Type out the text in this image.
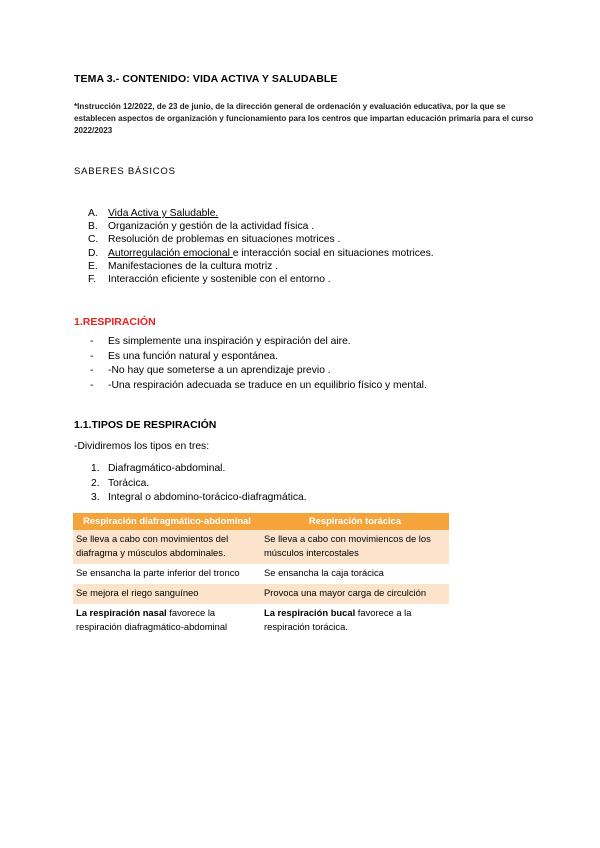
TEMA 3.- CONTENIDO: VIDA ACTIVA Y SALUDABLE
*Instrucción 12/2022, de 23 de junio, de la dirección general de ordenación y evaluación educativa, por la que se establecen aspectos de organización y funcionamiento para los centros que impartan educación primaria para el curso 2022/2023
SABERES BÁSICOS
A. Vida Activa y Saludable.
B. Organización y gestión de la actividad física .
C. Resolución de problemas en situaciones motrices .
D. Autorregulación emocional e interacción social en situaciones motrices.
E. Manifestaciones de la cultura motriz .
F.	Interacción eficiente y sostenible con el entorno .
1.RESPIRACIÓN
-	Es simplemente una inspiración y espiración del aire.
-	Es una función natural y espontánea.
-	-No hay que someterse a un aprendizaje previo .
-	-Una respiración adecuada se traduce en un equilibrio físico y mental.
1.1.TIPOS DE RESPIRACIÓN
-Dividiremos los tipos en tres:
1. Diafragmático-abdominal.
2. Torácica.
3. Integral o abdomino-torácico-diafragmática.
Respiración diafragmático-abdominal	Respiración torácica
Se lleva a cabo con movimientos del diafragma y músculos abdominales.	Se lleva a cabo con movimiencos de los músculos intercostales
Se ensancha la parte inferior del tronco	Se ensancha la caja torácica
Se mejora el riego sanguíneo	Provoca una mayor carga de circulción
La respiración nasal favorece la respiración diafragmático-abdominal	La respiración bucal favorece a la respiración torácica.
